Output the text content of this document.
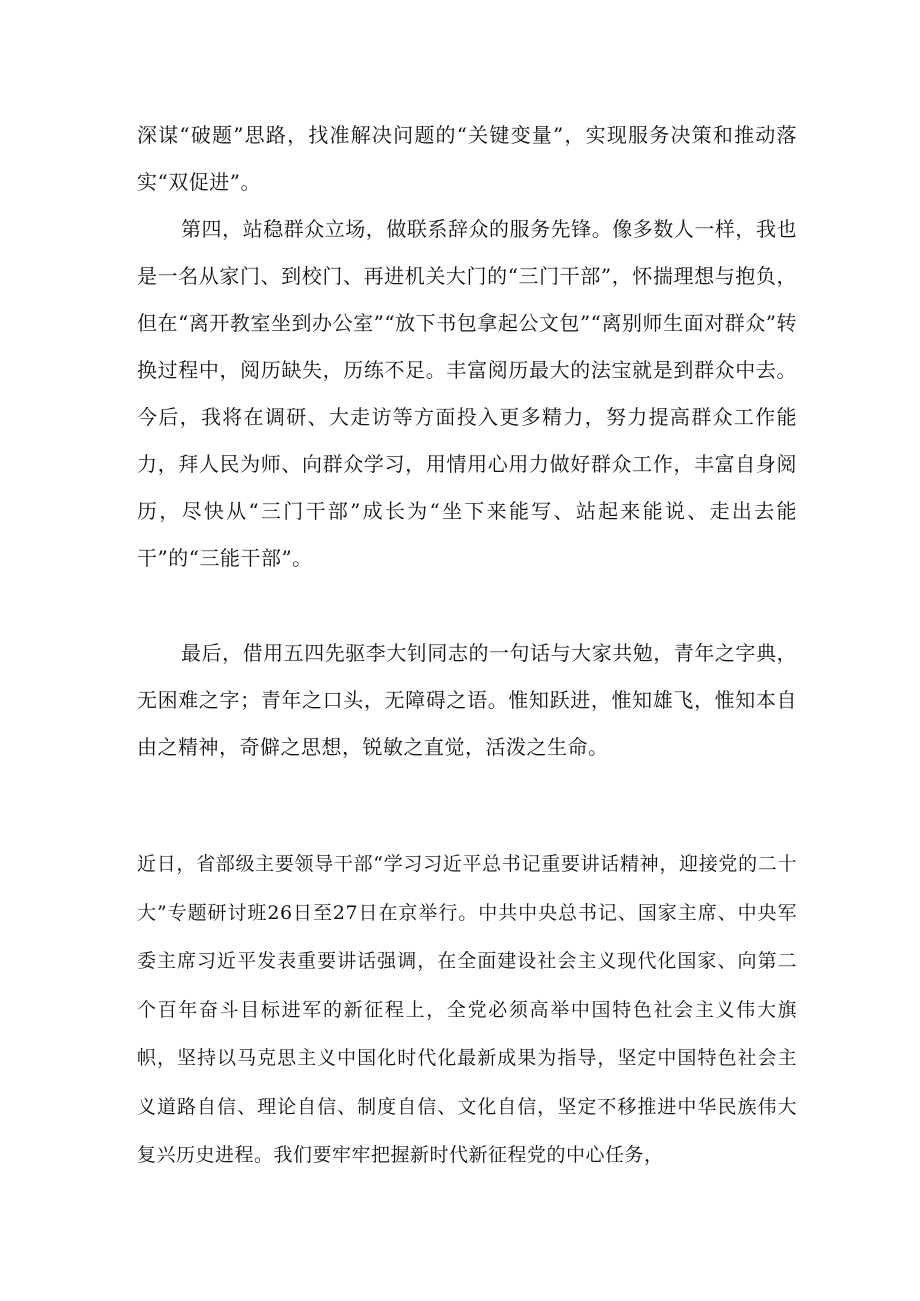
深谋“破题”思路，找准解决问题的“关键变量”，实现服务决策和推动落实“双促进”。

第四，站稳群众立场，做联系辞众的服务先锋。像多数人一样，我也是一名从家门、到校门、再进机关大门的“三门干部”，怀揣理想与抱负，但在“离开教室坐到办公室”“放下书包拿起公文包”“离别师生面对群众”转换过程中，阅历缺失，历练不足。丰富阅历最大的法宝就是到群众中去。今后，我将在调研、大走访等方面投入更多精力，努力提高群众工作能力，拜人民为师、向群众学习，用情用心用力做好群众工作，丰富自身阅历，尽快从“三门干部”成长为“坐下来能写、站起来能说、走出去能干”的“三能干部”。

最后，借用五四先驱李大钊同志的一句话与大家共勉，青年之字典，无困难之字；青年之口头，无障碍之语。惟知跃进，惟知雄飞，惟知本自由之精神，奇僻之思想，锐敏之直觉，活泼之生命。

近日，省部级主要领导干部“学习习近平总书记重要讲话精神，迎接党的二十大”专题研讨班26日至27日在京举行。中共中央总书记、国家主席、中央军委主席习近平发表重要讲话强调，在全面建设社会主义现代化国家、向第二个百年奋斗目标进军的新征程上，全党必须高举中国特色社会主义伟大旗帜，坚持以马克思主义中国化时代化最新成果为指导，坚定中国特色社会主义道路自信、理论自信、制度自信、文化自信，坚定不移推进中华民族伟大复兴历史进程。我们要牢牢把握新时代新征程党的中心任务，
